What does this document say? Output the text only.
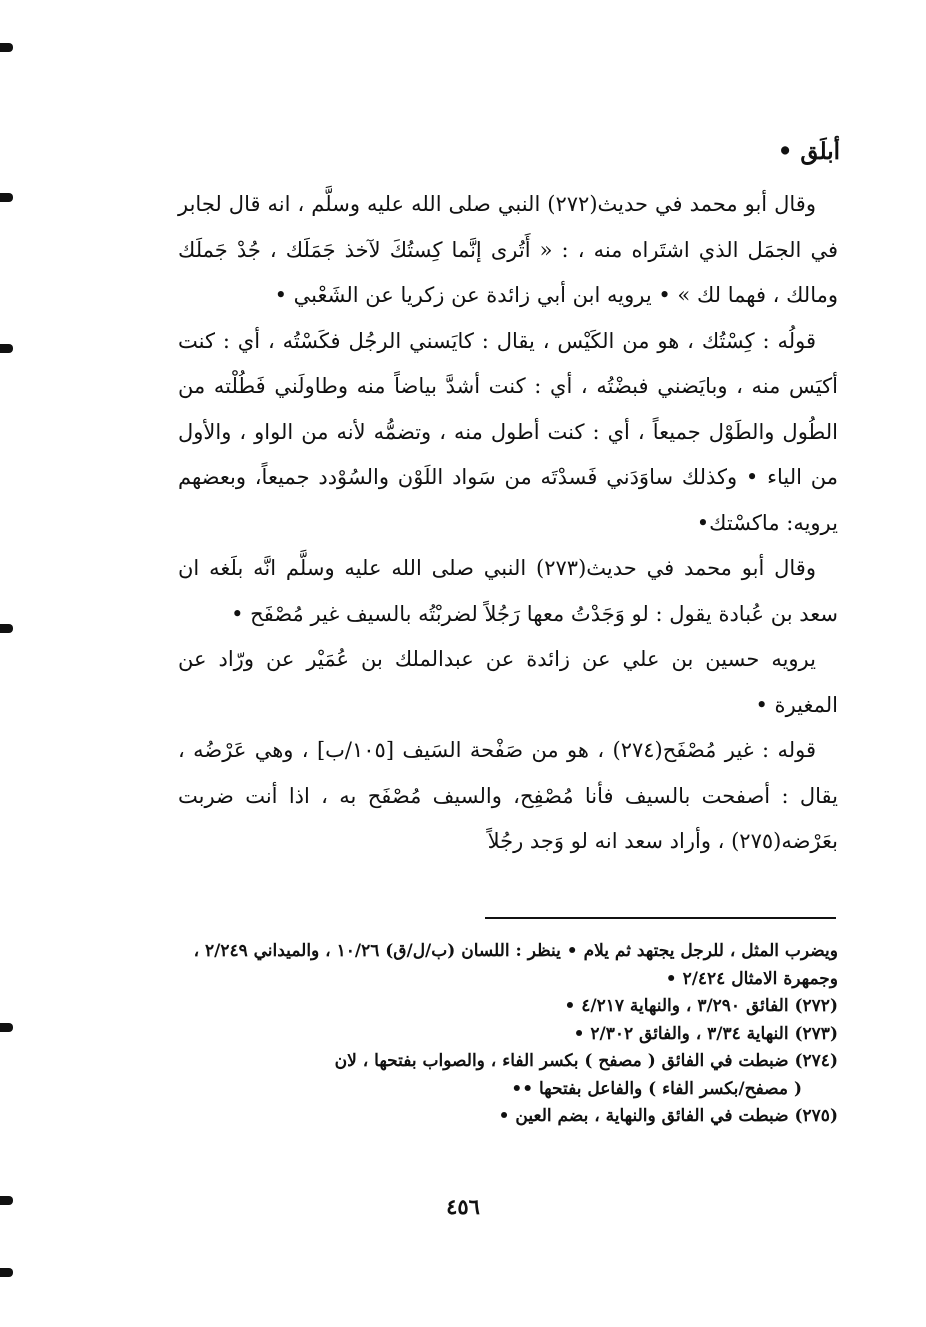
أبلَق •

وقال أبو محمد في حديث(٢٧٢) النبي صلى الله عليه وسلَّم ، انه قال لجابر في الجمَل الذي اشتَراه منه ، : « أَتُرى إنَّما كِستُكَ لآخذ جَمَلَك ، جُدْ جَملَك ومالك ، فهما لك » • يرويه ابن أبي زائدة عن زكريا عن الشَعْبي •

قولُه : كِسْتُك ، هو من الكَيْس ، يقال : كايَسني الرجُل فكَسْتُه ، أي : كنت أكيَس منه ، وبايَضني فبضْتُه ، أي : كنت أشدَّ بياضاً منه وطاولَني فَطُلْته من الطُول والطَوْل جميعاً ، أي : كنت أطول منه ، وتضمُّه لأنه من الواو ، والأول من الياء • وكذلك ساوَدَني فَسدْتَه من سَواد اللَوْن والسُوْدد جميعاً، وبعضهم يرويه: ماكسْتك•

وقال أبو محمد في حديث(٢٧٣) النبي صلى الله عليه وسلَّم انَّه بلَغه ان سعد بن عُبادة يقول : لو وَجَدْتُ معها رَجُلاً لضربْتُه بالسيف غير مُصْفَح •

يرويه حسين بن علي عن زائدة عن عبدالملك بن عُمَيْر عن ورّاد عن المغيرة •

قوله : غير مُصْفَح(٢٧٤) ، هو من صَفْحة السَيف [١٠٥/ب] ، وهي عَرْضُه ، يقال : أصفحت بالسيف فأنا مُصْفِح، والسيف مُصْفَح به ، اذا أنت ضربت بعَرْضه(٢٧٥) ، وأراد سعد انه لو وَجد رجُلاً

ويضرب المثل ، للرجل يجتهد ثم يلام • ينظر : اللسان (ب/ل/ق) ١٠/٢٦ ، والميداني ٢/٢٤٩ ، وجمهرة الامثال ٢/٤٢٤ •

(٢٧٢) الفائق ٣/٢٩٠ ، والنهاية ٤/٢١٧ •

(٢٧٣) النهاية ٣/٣٤ ، والفائق ٢/٣٠٢ •

(٢٧٤) ضبطت في الفائق ( مصفح ) بكسر الفاء ، والصواب بفتحها ، لان

( مصفح/بكسر الفاء ) والفاعل بفتحها ••

(٢٧٥) ضبطت في الفائق والنهاية ، بضم العين •

٤٥٦
